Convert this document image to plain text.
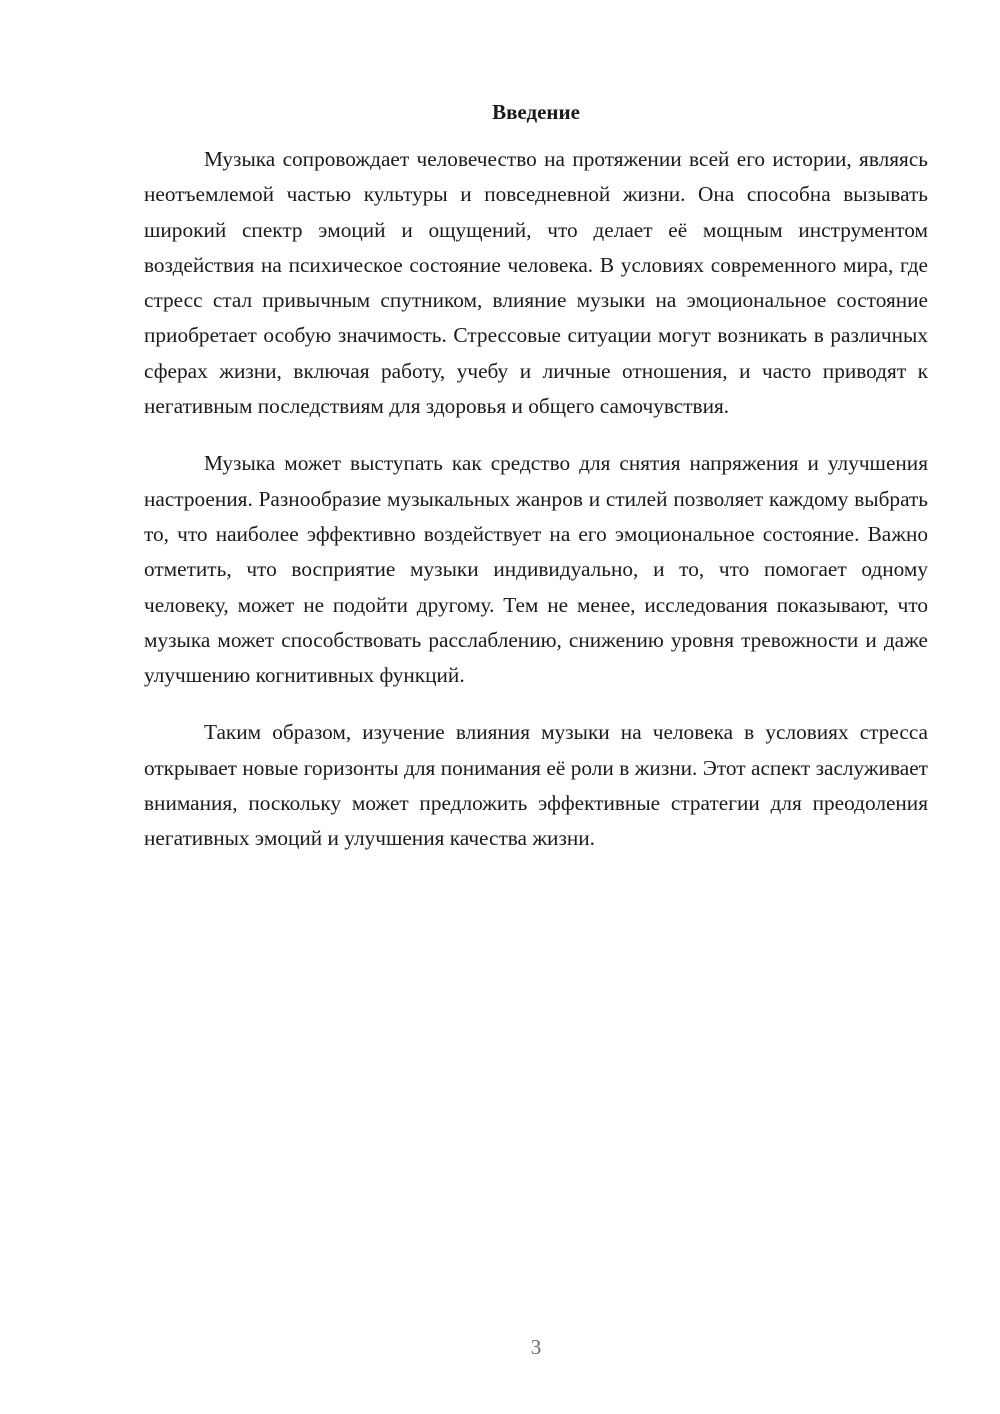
Введение

Музыка сопровождает человечество на протяжении всей его истории, являясь неотъемлемой частью культуры и повседневной жизни. Она способна вызывать широкий спектр эмоций и ощущений, что делает её мощным инструментом воздействия на психическое состояние человека. В условиях современного мира, где стресс стал привычным спутником, влияние музыки на эмоциональное состояние приобретает особую значимость. Стрессовые ситуации могут возникать в различных сферах жизни, включая работу, учебу и личные отношения, и часто приводят к негативным последствиям для здоровья и общего самочувствия.

Музыка может выступать как средство для снятия напряжения и улучшения настроения. Разнообразие музыкальных жанров и стилей позволяет каждому выбрать то, что наиболее эффективно воздействует на его эмоциональное состояние. Важно отметить, что восприятие музыки индивидуально, и то, что помогает одному человеку, может не подойти другому. Тем не менее, исследования показывают, что музыка может способствовать расслаблению, снижению уровня тревожности и даже улучшению когнитивных функций.

Таким образом, изучение влияния музыки на человека в условиях стресса открывает новые горизонты для понимания её роли в жизни. Этот аспект заслуживает внимания, поскольку может предложить эффективные стратегии для преодоления негативных эмоций и улучшения качества жизни.

3
